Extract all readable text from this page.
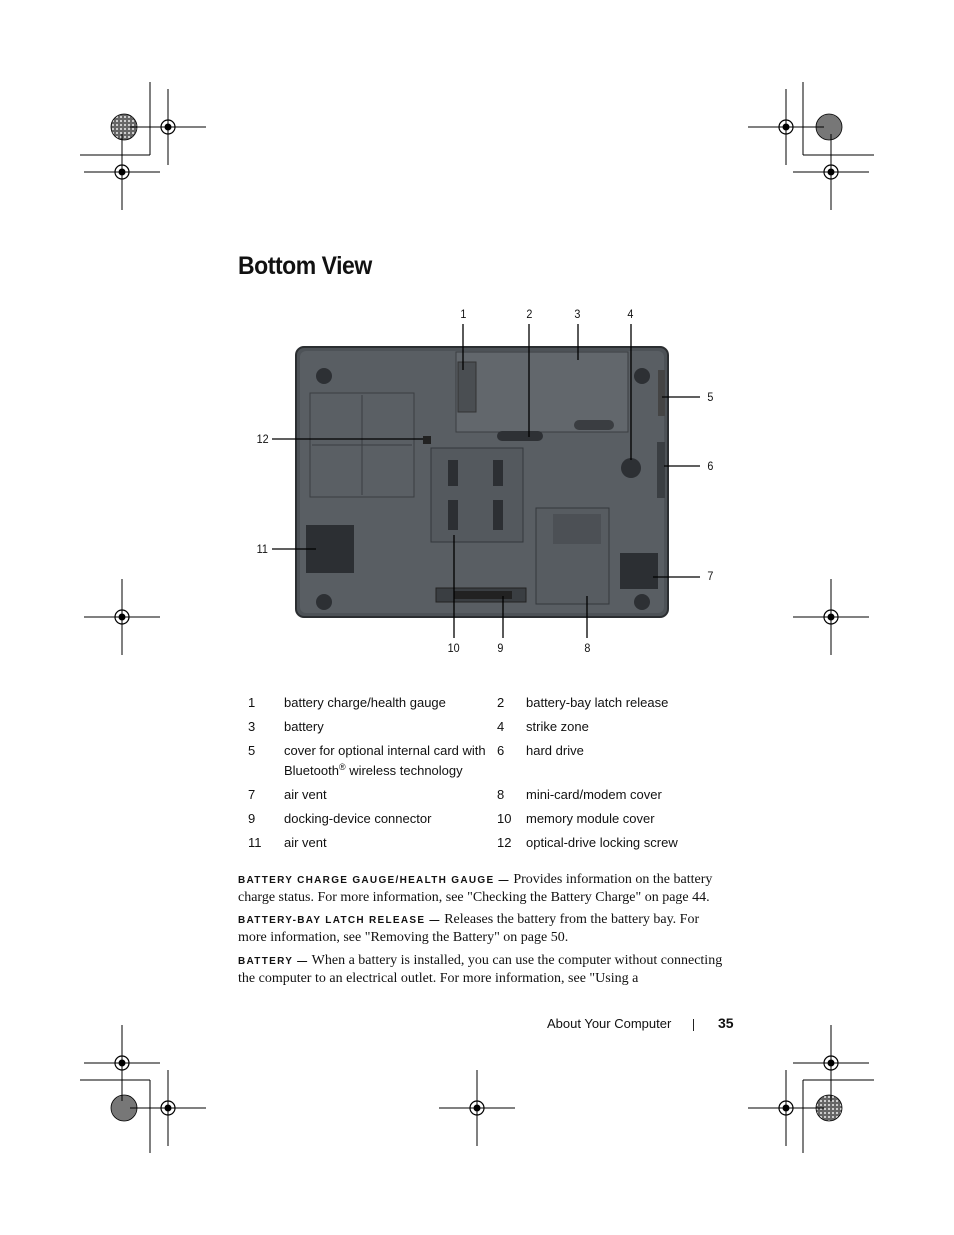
Bottom View
1	2	3	4
5
6
7
8
9
10
11
12
1	battery charge/health gauge	2	battery-bay latch release
3	battery	4	strike zone
5	cover for optional internal card with
Bluetooth® wireless technology	6	hard drive
7	air vent	8	mini-card/modem cover
9	docking-device connector	10	memory module cover
11	air vent	12	optical-drive locking screw

BATTERY CHARGE GAUGE/HEALTH GAUGE — Provides information on the battery charge status. For more information, see "Checking the Battery Charge" on page 44.

BATTERY-BAY LATCH RELEASE — Releases the battery from the battery bay. For more information, see "Removing the Battery" on page 50.

BATTERY — When a battery is installed, you can use the computer without connecting the computer to an electrical outlet. For more information, see "Using a

About Your Computer	35
